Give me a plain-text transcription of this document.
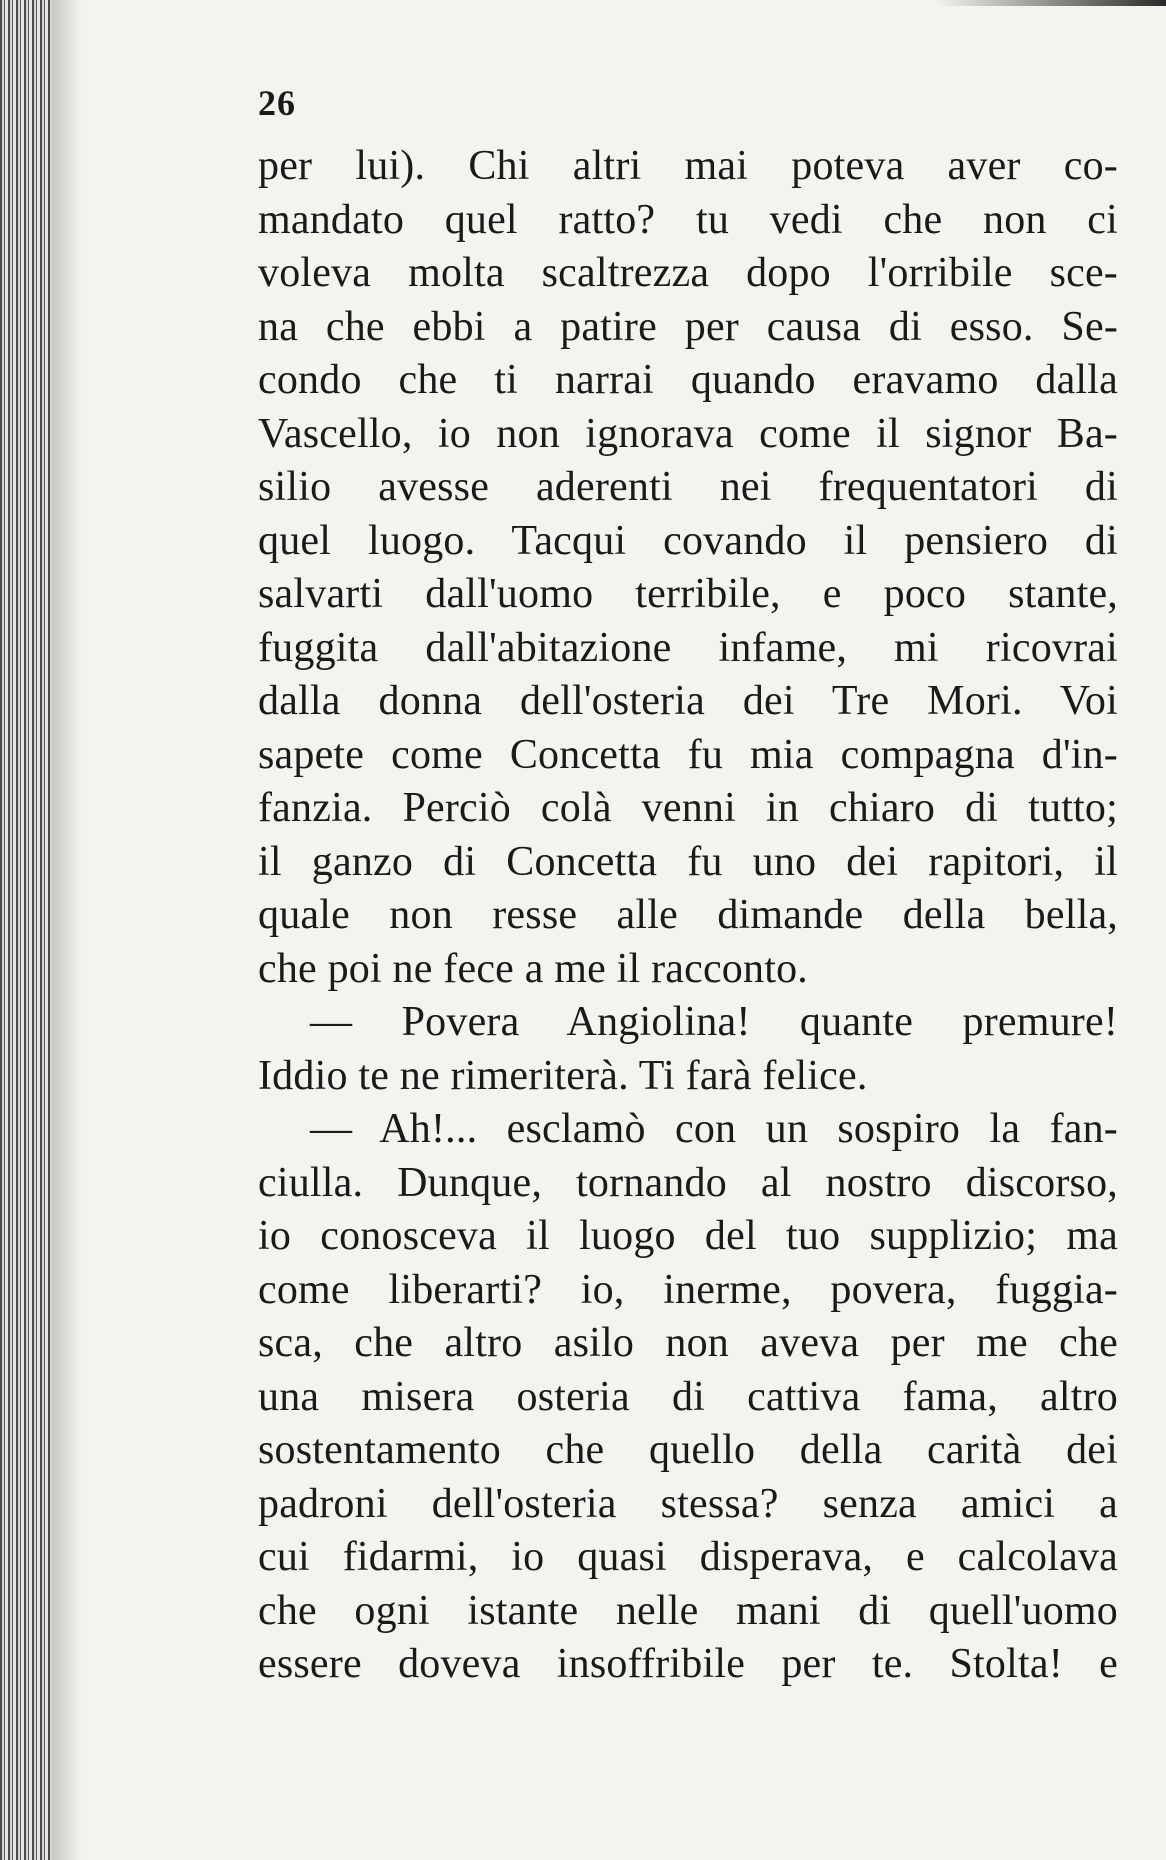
26

per lui). Chi altri mai poteva aver co-
mandato quel ratto? tu vedi che non ci
voleva molta scaltrezza dopo l'orribile sce-
na che ebbi a patire per causa di esso. Se-
condo che ti narrai quando eravamo dalla
Vascello, io non ignorava come il signor Ba-
silio avesse aderenti nei frequentatori di
quel luogo. Tacqui covando il pensiero di
salvarti dall'uomo terribile, e poco stante,
fuggita dall'abitazione infame, mi ricovrai
dalla donna dell'osteria dei Tre Mori. Voi
sapete come Concetta fu mia compagna d'in-
fanzia. Perciò colà venni in chiaro di tutto;
il ganzo di Concetta fu uno dei rapitori, il
quale non resse alle dimande della bella,
che poi ne fece a me il racconto.
— Povera Angiolina! quante premure!
Iddio te ne rimeriterà. Ti farà felice.
— Ah!... esclamò con un sospiro la fan-
ciulla. Dunque, tornando al nostro discorso,
io conosceva il luogo del tuo supplizio; ma
come liberarti? io, inerme, povera, fuggia-
sca, che altro asilo non aveva per me che
una misera osteria di cattiva fama, altro
sostentamento che quello della carità dei
padroni dell'osteria stessa? senza amici a
cui fidarmi, io quasi disperava, e calcolava
che ogni istante nelle mani di quell'uomo
essere doveva insoffribile per te. Stolta! e
